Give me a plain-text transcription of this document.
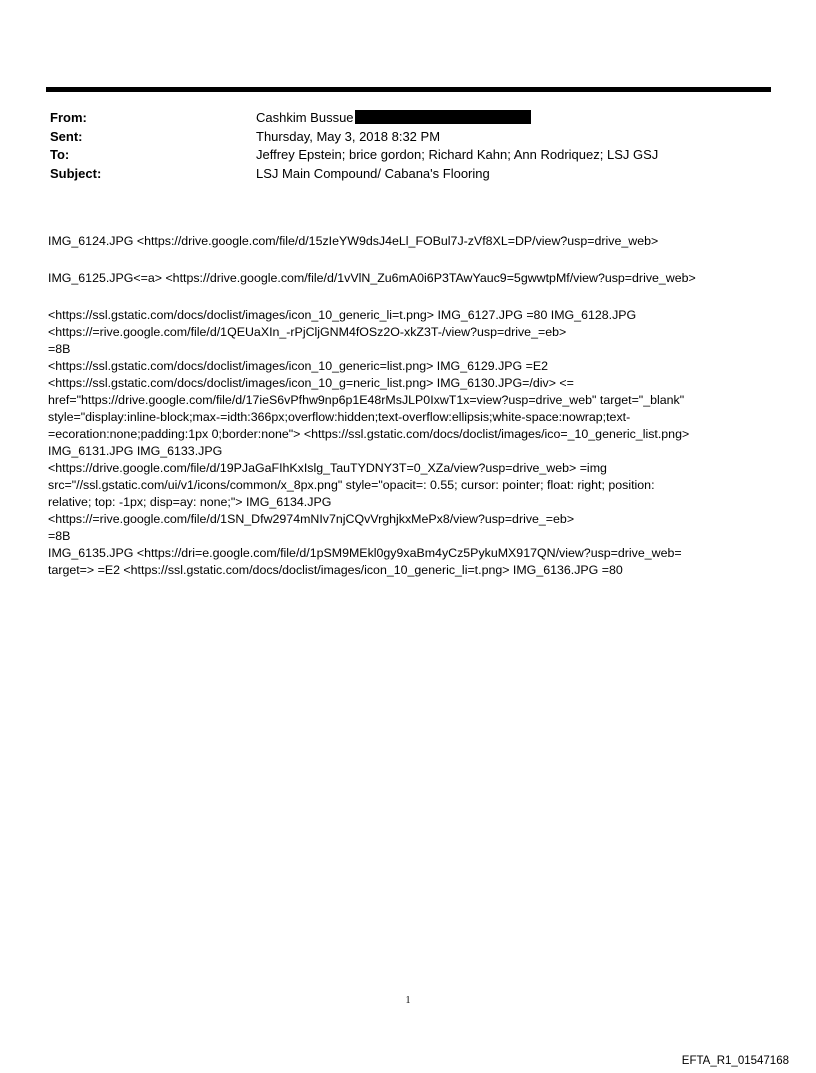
From:	Cashkim Bussue
Sent:	Thursday, May 3, 2018 8:32 PM
To:	Jeffrey Epstein; brice gordon; Richard Kahn; Ann Rodriquez; LSJ GSJ
Subject:	LSJ Main Compound/ Cabana's Flooring

IMG_6124.JPG <https://drive.google.com/file/d/15zIeYW9dsJ4eLl_FOBul7J-zVf8XL=DP/view?usp=drive_web>

IMG_6125.JPG<=a> <https://drive.google.com/file/d/1vVlN_Zu6mA0i6P3TAwYauc9=5gwwtpMf/view?usp=drive_web>

<https://ssl.gstatic.com/docs/doclist/images/icon_10_generic_li=t.png> IMG_6127.JPG =80 IMG_6128.JPG

<https://=rive.google.com/file/d/1QEUaXIn_-rPjCljGNM4fOSz2O-xkZ3T-/view?usp=drive_=eb>

=8B

<https://ssl.gstatic.com/docs/doclist/images/icon_10_generic=list.png> IMG_6129.JPG =E2

<https://ssl.gstatic.com/docs/doclist/images/icon_10_g=neric_list.png> IMG_6130.JPG=/div> <=

href="https://drive.google.com/file/d/17ieS6vPfhw9np6p1E48rMsJLP0IxwT1x=view?usp=drive_web" target="_blank"

style="display:inline-block;max-=idth:366px;overflow:hidden;text-overflow:ellipsis;white-space:nowrap;text-

=ecoration:none;padding:1px 0;border:none"> <https://ssl.gstatic.com/docs/doclist/images/ico=_10_generic_list.png>

IMG_6131.JPG IMG_6133.JPG

<https://drive.google.com/file/d/19PJaGaFIhKxIslg_TauTYDNY3T=0_XZa/view?usp=drive_web> =img

src="//ssl.gstatic.com/ui/v1/icons/common/x_8px.png" style="opacit=: 0.55; cursor: pointer; float: right; position:

relative; top: -1px; disp=ay: none;"> IMG_6134.JPG

<https://=rive.google.com/file/d/1SN_Dfw2974mNIv7njCQvVrghjkxMePx8/view?usp=drive_=eb>

=8B

IMG_6135.JPG <https://dri=e.google.com/file/d/1pSM9MEkl0gy9xaBm4yCz5PykuMX917QN/view?usp=drive_web=

target=> =E2 <https://ssl.gstatic.com/docs/doclist/images/icon_10_generic_li=t.png> IMG_6136.JPG =80

1
EFTA_R1_01547168
